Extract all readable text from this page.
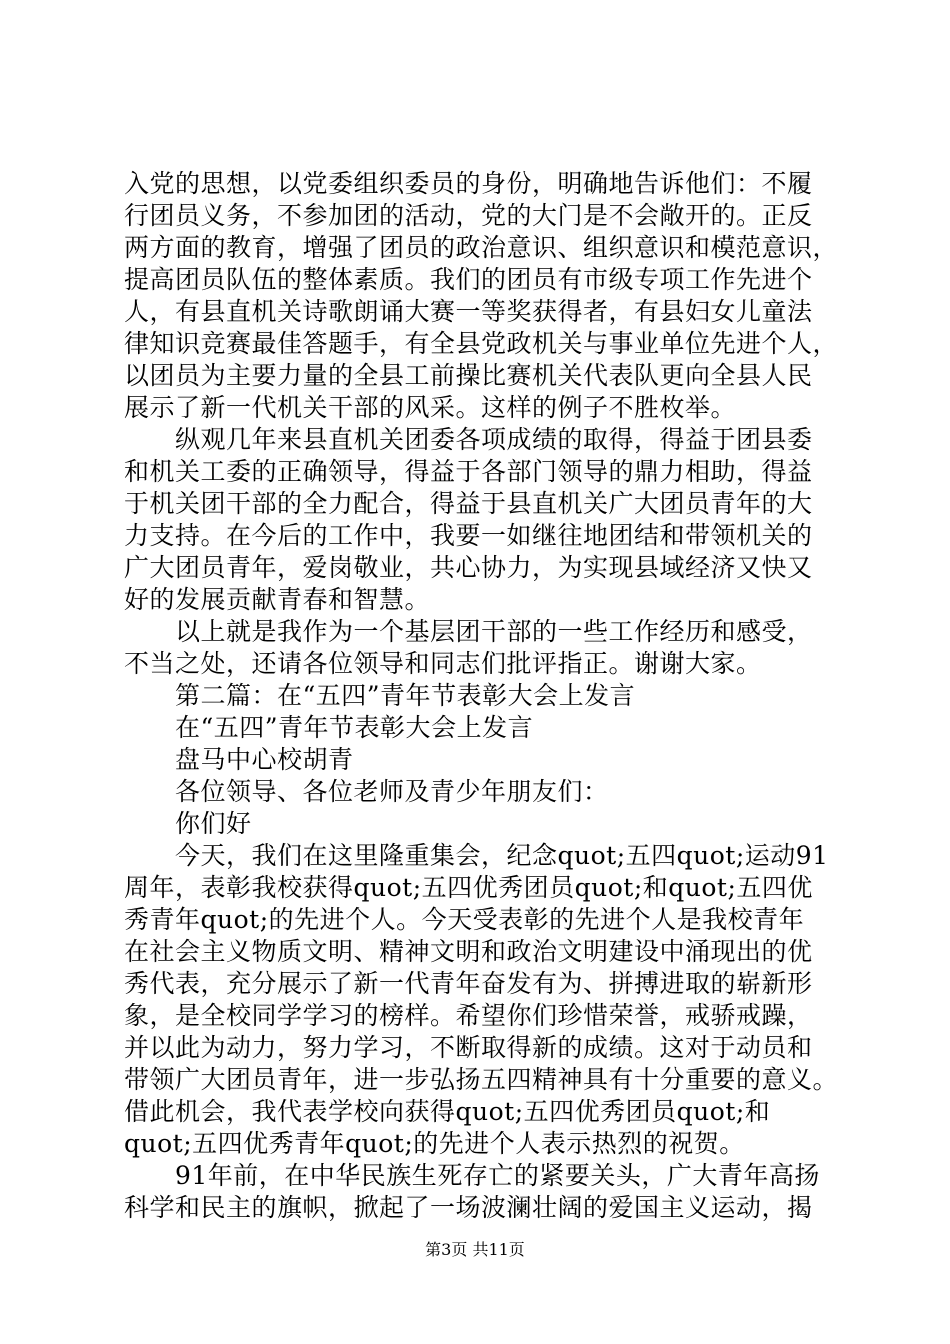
入党的思想，以党委组织委员的身份，明确地告诉他们：不履
行团员义务，不参加团的活动，党的大门是不会敞开的。正反
两方面的教育，增强了团员的政治意识、组织意识和模范意识，
提高团员队伍的整体素质。我们的团员有市级专项工作先进个
人，有县直机关诗歌朗诵大赛一等奖获得者，有县妇女儿童法
律知识竞赛最佳答题手，有全县党政机关与事业单位先进个人，
以团员为主要力量的全县工前操比赛机关代表队更向全县人民
展示了新一代机关干部的风采。这样的例子不胜枚举。
　　纵观几年来县直机关团委各项成绩的取得，得益于团县委
和机关工委的正确领导，得益于各部门领导的鼎力相助，得益
于机关团干部的全力配合，得益于县直机关广大团员青年的大
力支持。在今后的工作中，我要一如继往地团结和带领机关的
广大团员青年，爱岗敬业，共心协力，为实现县域经济又快又
好的发展贡献青春和智慧。
　　以上就是我作为一个基层团干部的一些工作经历和感受，
不当之处，还请各位领导和同志们批评指正。谢谢大家。
　　第二篇：在“五四”青年节表彰大会上发言
　　在“五四”青年节表彰大会上发言
　　盘马中心校胡青
　　各位领导、各位老师及青少年朋友们：
　　你们好
　　今天，我们在这里隆重集会，纪念quot;五四quot;运动91
周年，表彰我校获得quot;五四优秀团员quot;和quot;五四优
秀青年quot;的先进个人。今天受表彰的先进个人是我校青年
在社会主义物质文明、精神文明和政治文明建设中涌现出的优
秀代表，充分展示了新一代青年奋发有为、拼搏进取的崭新形
象，是全校同学学习的榜样。希望你们珍惜荣誉，戒骄戒躁，
并以此为动力，努力学习，不断取得新的成绩。这对于动员和
带领广大团员青年，进一步弘扬五四精神具有十分重要的意义。
借此机会，我代表学校向获得quot;五四优秀团员quot;和
quot;五四优秀青年quot;的先进个人表示热烈的祝贺。
　　91年前，在中华民族生死存亡的紧要关头，广大青年高扬
科学和民主的旗帜，掀起了一场波澜壮阔的爱国主义运动，揭
第3页 共11页
